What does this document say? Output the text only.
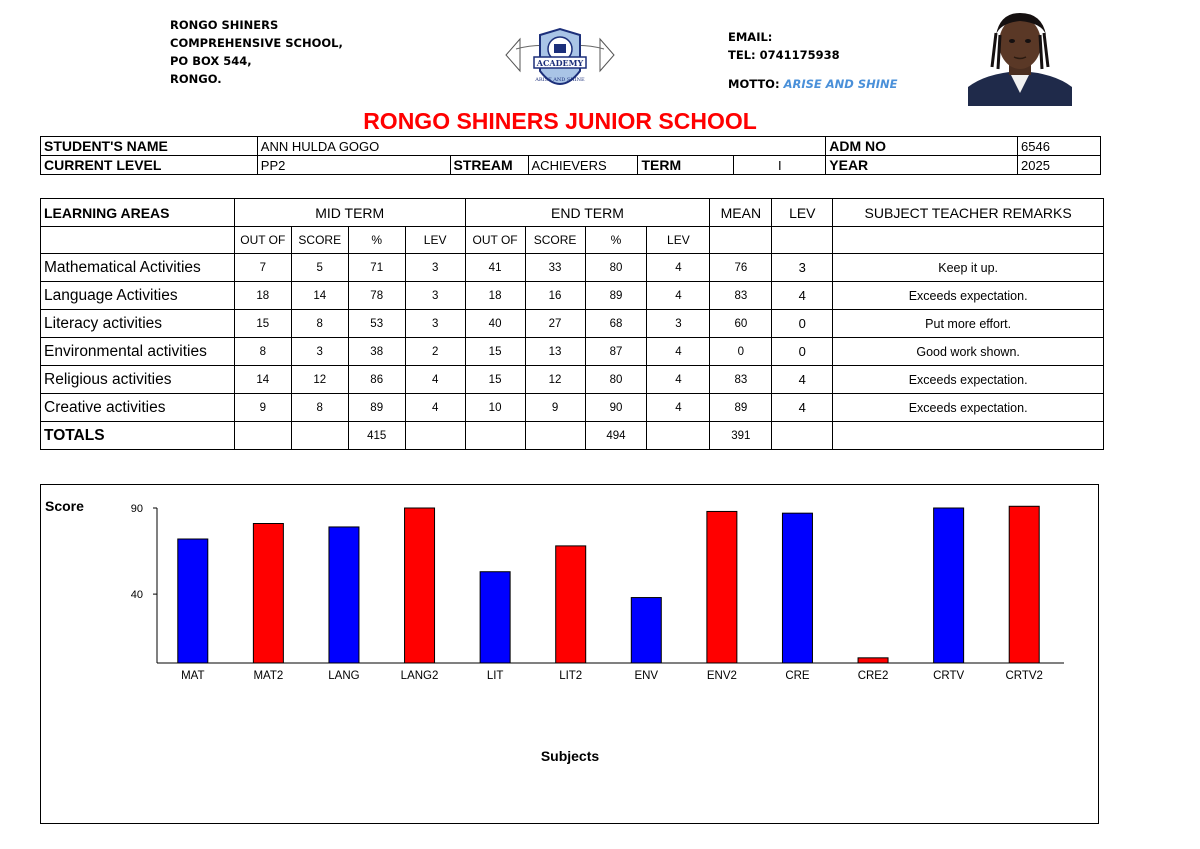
RONGO SHINERS
COMPREHENSIVE SCHOOL,
PO BOX 544,
RONGO.
ACADEMY
ARISE AND SHINE
EMAIL:
TEL: 0741175938
MOTTO: ARISE AND SHINE
RONGO SHINERS JUNIOR SCHOOL
STUDENT'S NAME	ANN HULDA GOGO					ADM NO	6546
CURRENT LEVEL	PP2	STREAM	ACHIEVERS	TERM	I	YEAR	2025
LEARNING AREAS	MID TERM				END TERM				MEAN	LEV	SUBJECT TEACHER REMARKS
	OUT OF	SCORE	%	LEV	OUT OF	SCORE	%	LEV			
Mathematical Activities	7	5	71	3	41	33	80	4	76	3	Keep it up.
Language Activities	18	14	78	3	18	16	89	4	83	4	Exceeds expectation.
Literacy activities	15	8	53	3	40	27	68	3	60	0	Put more effort.
Environmental activities	8	3	38	2	15	13	87	4	0	0	Good work shown.
Religious activities	14	12	86	4	15	12	80	4	83	4	Exceeds expectation.
Creative activities	9	8	89	4	10	9	90	4	89	4	Exceeds expectation.
TOTALS			415				494		391		
Score
Subjects
40
90
MAT	MAT2	LANG	LANG2	LIT	LIT2	ENV	ENV2	CRE	CRE2	CRTV	CRTV2
